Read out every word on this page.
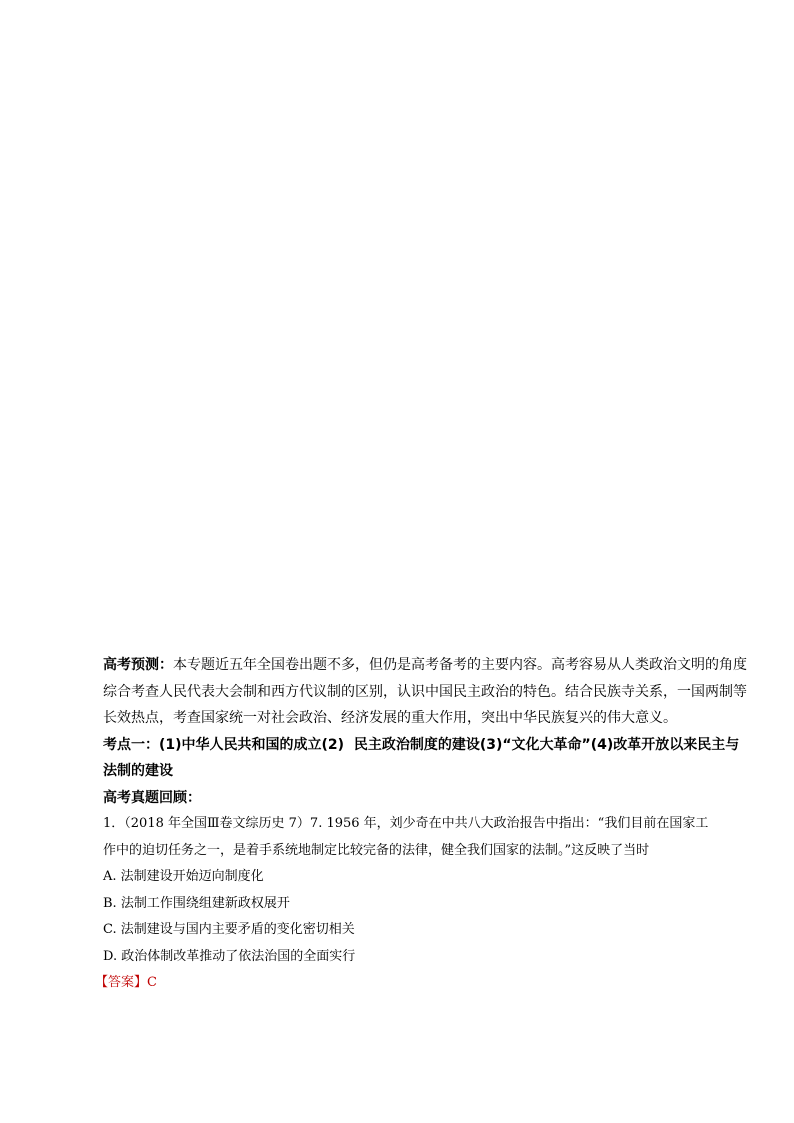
高考预测：本专题近五年全国卷出题不多，但仍是高考备考的主要内容。高考容易从人类政治文明的角度

综合考查人民代表大会制和西方代议制的区别，认识中国民主政治的特色。结合民族寺关系，一国两制等

长效热点，考查国家统一对社会政治、经济发展的重大作用，突出中华民族复兴的伟大意义。

考点一：(1)中华人民共和国的成立(2)  民主政治制度的建设(3)“文化大革命”(4)改革开放以来民主与

法制的建设

高考真题回顾：

1．（2018 年全国Ⅲ卷文综历史 7）7. 1956 年，刘少奇在中共八大政治报告中指出：“我们目前在国家工

作中的迫切任务之一，是着手系统地制定比较完备的法律，健全我们国家的法制。”这反映了当时

A. 法制建设开始迈向制度化

B. 法制工作围绕组建新政权展开

C. 法制建设与国内主要矛盾的变化密切相关

D. 政治体制改革推动了依法治国的全面实行

【答案】C
